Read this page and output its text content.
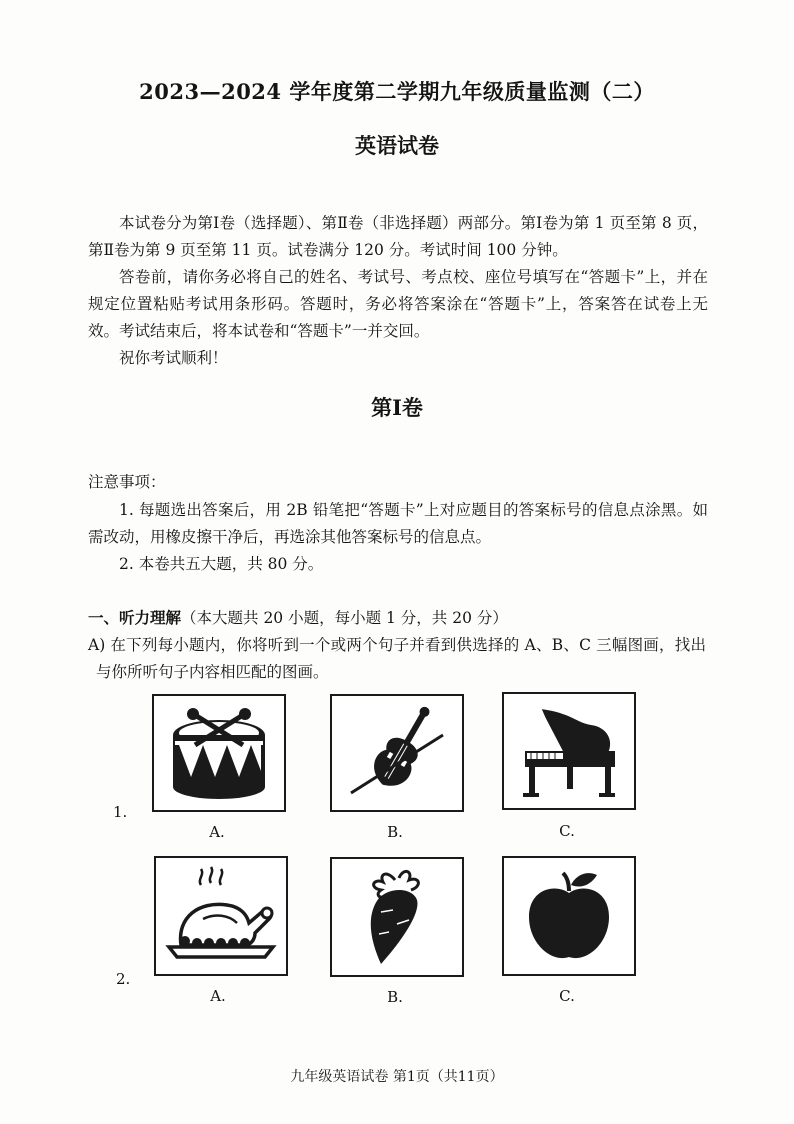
2023—2024 学年度第二学期九年级质量监测（二）
英语试卷
本试卷分为第Ⅰ卷（选择题）、第Ⅱ卷（非选择题）两部分。第Ⅰ卷为第 1 页至第 8 页，第Ⅱ卷为第 9 页至第 11 页。试卷满分 120 分。考试时间 100 分钟。
答卷前，请你务必将自己的姓名、考试号、考点校、座位号填写在“答题卡”上，并在规定位置粘贴考试用条形码。答题时，务必将答案涂在“答题卡”上，答案答在试卷上无效。考试结束后，将本试卷和“答题卡”一并交回。
祝你考试顺利！
第Ⅰ卷
注意事项：
1. 每题选出答案后，用 2B 铅笔把“答题卡”上对应题目的答案标号的信息点涂黑。如需改动，用橡皮擦干净后，再选涂其他答案标号的信息点。
2. 本卷共五大题，共 80 分。
一、听力理解（本大题共 20 小题，每小题 1 分，共 20 分）
A) 在下列每小题内，你将听到一个或两个句子并看到供选择的 A、B、C 三幅图画，找出与你所听句子内容相匹配的图画。
1.
A.	B.	C.
2.
A.	B.	C.
九年级英语试卷 第1页（共11页）
